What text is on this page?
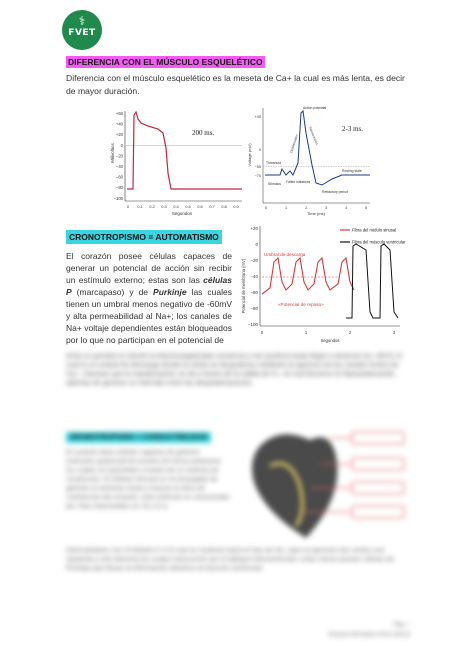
⚕
FVET
DIFERENCIA CON EL MÚSCULO ESQUELÉTICO

Diferencia con el músculo esquelético es la meseta de Ca+ la cual es más lenta, es decir de mayor duración.

Milivoltios
+60
+40
+20
0
−20
−40
−60
−80
−100
200 ms.
0 0.1 0.2 0.3 0.4 0.5 0.6 0.7 0.8 0.9
Segundos
Voltage (mV)
+40
0
−55
−70
2-3 ms.
Action potential
Threshold
Stimulus Failed initiations
Resting state
Refractory period
Depolarization	Repolarization
0	1	2	3	4	5
Time (ms)
CRONOTROPISMO = AUTOMATISMO

El corazón posee células capaces de generar un potencial de acción sin recibir un estímulo externo; estas son las células P (marcapaso) y de Purkinje las cuales tienen un umbral menos negativo de -60mV y alta permeabilidad al Na+; los canales de Na+ voltaje dependientes están bloqueados por lo que no participan en el potencial de

Potencial de membrana (mV)
+20
0
−20
−40
−60
−80
−100
Fibra del nódulo sinusal
Fibra del músculo ventricular
Umbral de descarga
«Potencial de reposo»
0	1	2	3
Segundos

lenta un periodo en donde la electronegatividad comienza a ser positiva hasta llegar a alcanzar los -40mV el cual es el umbral de descarga donde la célula se despolariza mediante la apertura de los canales lentos de Ca+, mientras que la repolarización se da a través de la salida de K+; al cual favorece la hiperpolarización además de generar un intervalo entre las despolarizaciones.

DROMOTROPISMO = CONDUCTIBILIDAD

El corazón tiene células capaces de generar estímulos (potencial de acción) de forma autónoma los cuales se transmiten a través de un sistema de conducción. El Nódulo Sinusal es el encargado de generar el estímulo inicial y marcar el ritmo de contracción del corazón, este estímulo es comunicado por Vías Internodales (A, B y C) a

Internodulares con el Nódulo A-V el cual se continúa hacia el Haz de His, aquí se generan dos ramas una izquierda y otra derecha las cuales transcurren por el tabique interventricular, estas ramas poseen células de Purkinje que llevan la información eléctrica al músculo ventricular.

Pág. 7
Horacio Bernardo Pinto García
